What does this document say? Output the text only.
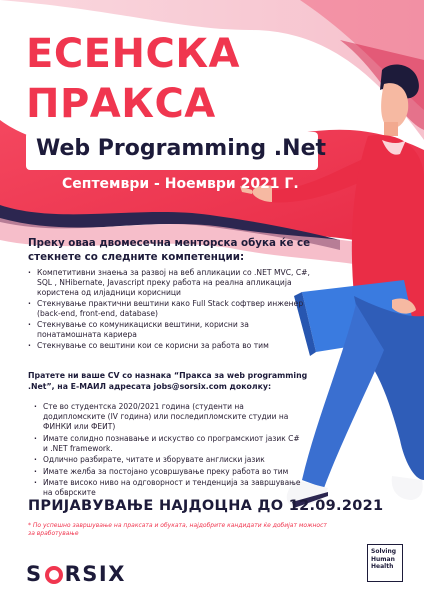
ЕСЕНСКА
ПРАКСА
Web Programming .Net
Септември - Ноември 2021 Г.
Преку оваа двомесечна менторска обука ќе се стекнете со следните компетенции:
· Компетитивни знаења за развој на веб апликации со .NET MVC, C#, SQL , NHibernate, Javascript преку работа на реална апликација користена од илјадници корисници
· Стекнување практични вештини како Full Stack софтвер инженер (back-end, front-end, database)
· Стекнување со комуникациски вештини, корисни за понатамошната кариера
· Стекнување со вештини кои се корисни за работа во тим
Пратете ни ваше CV со назнака “Пракса за web programming .Net”, на Е-МАИЛ адресата jobs@sorsix.com доколку:
· Сте во студентска 2020/2021 година (студенти на додипломските (IV година) или последипломските студии на ФИНКИ или ФЕИТ)
· Имате солидно познавање и искуство со програмскиот јазик C# и .NET framework.
· Одлично разбирате, читате и зборувате англиски јазик
· Имате желба за постојано усовршување преку работа во тим
· Имате високо ниво на одговорност и тенденција за завршување на обврските
ПРИЈАВУВАЊЕ НАЈДОЦНА ДО 12.09.2021
* По успешно завршување на праксата и обуката, најдобрите кандидати ќе добијат можност за вработување
S RSIX
Solving
Human
Health
